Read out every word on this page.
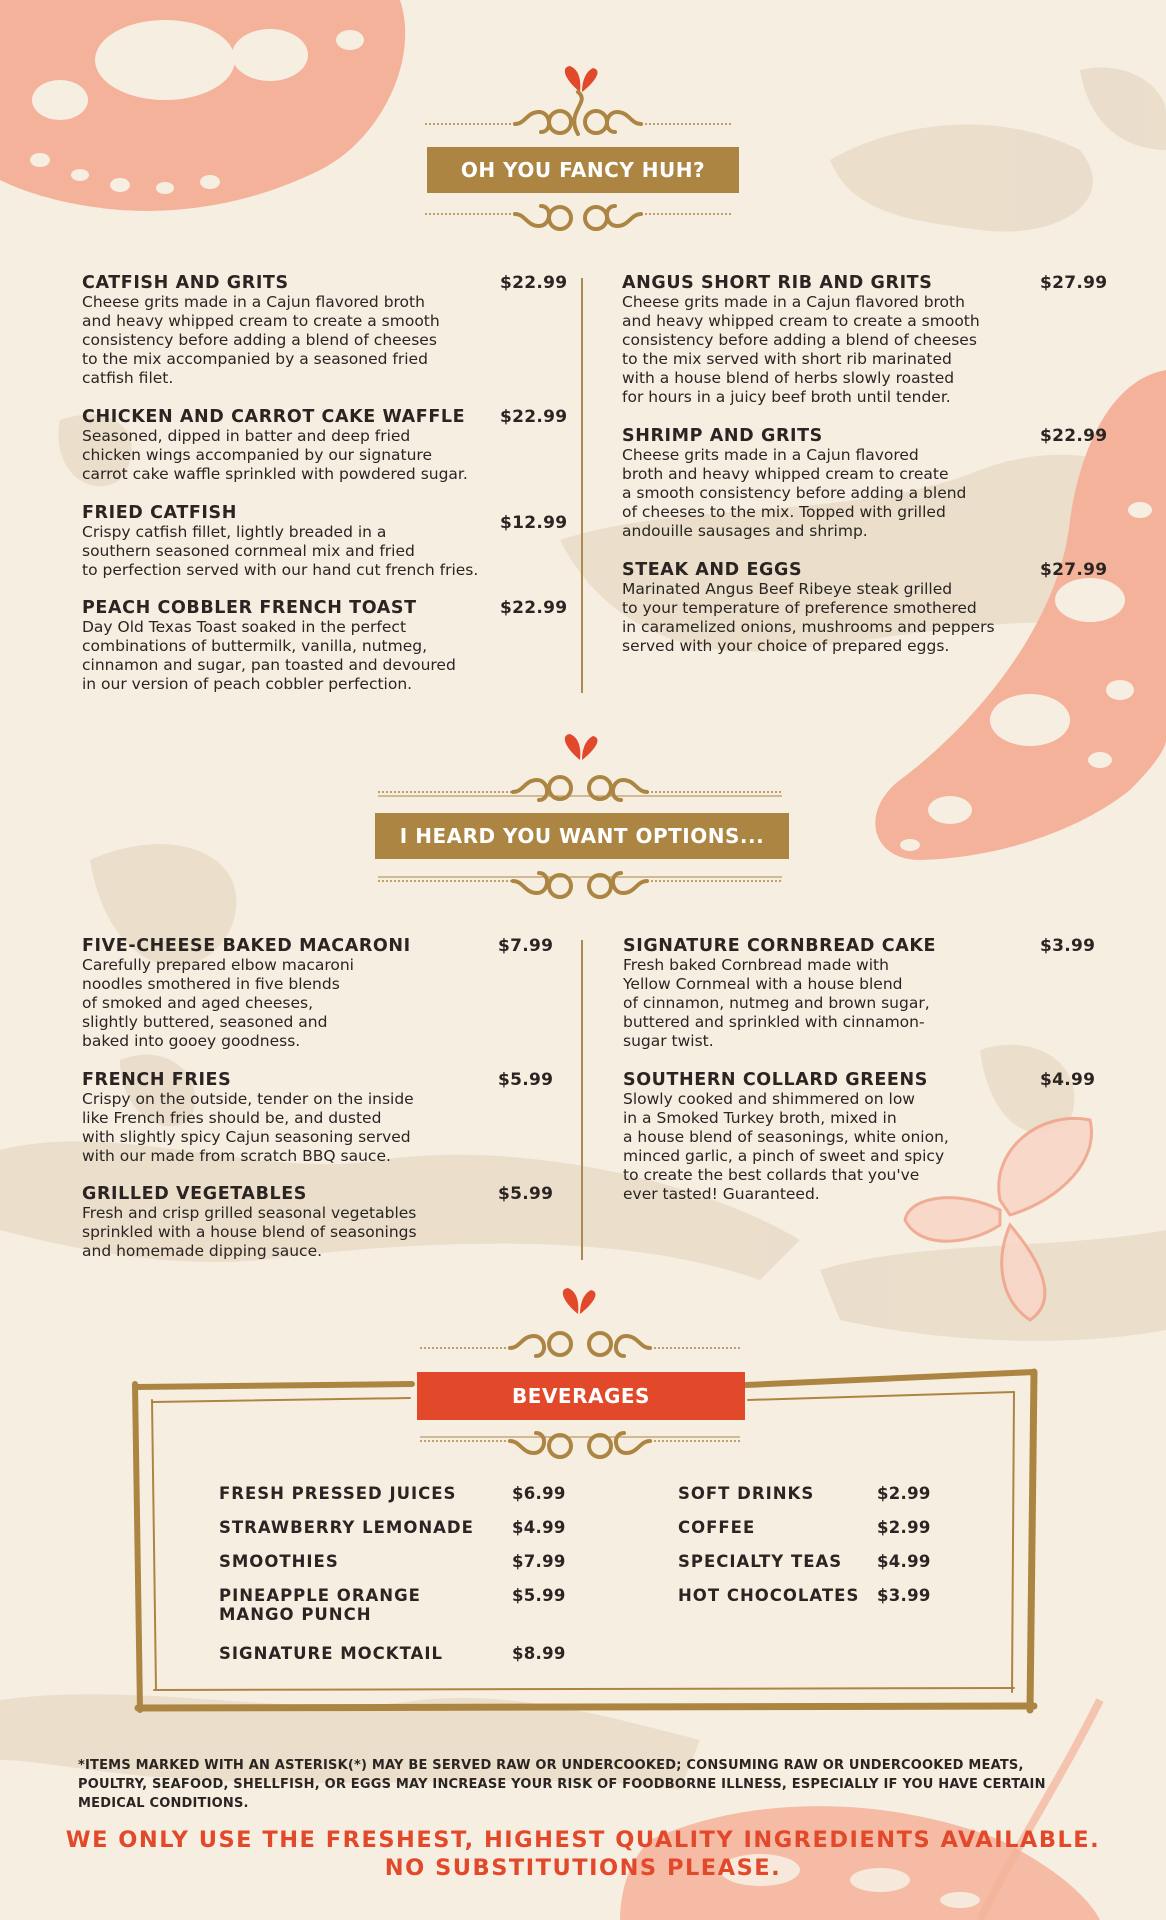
OH YOU FANCY HUH?
CATFISH AND GRITS
Cheese grits made in a Cajun flavored broth
and heavy whipped cream to create a smooth
consistency before adding a blend of cheeses
to the mix accompanied by a seasoned fried
catfish filet.
$22.99
CHICKEN AND CARROT CAKE WAFFLE
Seasoned, dipped in batter and deep fried
chicken wings accompanied by our signature
carrot cake waffle sprinkled with powdered sugar.
$22.99
FRIED CATFISH
Crispy catfish fillet, lightly breaded in a
southern seasoned cornmeal mix and fried
to perfection served with our hand cut french fries.
$12.99
PEACH COBBLER FRENCH TOAST
Day Old Texas Toast soaked in the perfect
combinations of buttermilk, vanilla, nutmeg,
cinnamon and sugar, pan toasted and devoured
in our version of peach cobbler perfection.
$22.99
ANGUS SHORT RIB AND GRITS
Cheese grits made in a Cajun flavored broth
and heavy whipped cream to create a smooth
consistency before adding a blend of cheeses
to the mix served with short rib marinated
with a house blend of herbs slowly roasted
for hours in a juicy beef broth until tender.
$27.99
SHRIMP AND GRITS
Cheese grits made in a Cajun flavored
broth and heavy whipped cream to create
a smooth consistency before adding a blend
of cheeses to the mix. Topped with grilled
andouille sausages and shrimp.
$22.99
STEAK AND EGGS
Marinated Angus Beef Ribeye steak grilled
to your temperature of preference smothered
in caramelized onions, mushrooms and peppers
served with your choice of prepared eggs.
$27.99
I HEARD YOU WANT OPTIONS...
FIVE-CHEESE BAKED MACARONI
Carefully prepared elbow macaroni
noodles smothered in five blends
of smoked and aged cheeses,
slightly buttered, seasoned and
baked into gooey goodness.
$7.99
FRENCH FRIES
Crispy on the outside, tender on the inside
like French fries should be, and dusted
with slightly spicy Cajun seasoning served
with our made from scratch BBQ sauce.
$5.99
GRILLED VEGETABLES
Fresh and crisp grilled seasonal vegetables
sprinkled with a house blend of seasonings
and homemade dipping sauce.
$5.99
SIGNATURE CORNBREAD CAKE
Fresh baked Cornbread made with
Yellow Cornmeal with a house blend
of cinnamon, nutmeg and brown sugar,
buttered and sprinkled with cinnamon-
sugar twist.
$3.99
SOUTHERN COLLARD GREENS
Slowly cooked and shimmered on low
in a Smoked Turkey broth, mixed in
a house blend of seasonings, white onion,
minced garlic, a pinch of sweet and spicy
to create the best collards that you've
ever tasted! Guaranteed.
$4.99
BEVERAGES
FRESH PRESSED JUICES	$6.99
STRAWBERRY LEMONADE $4.99
SMOOTHIES	$7.99
PINEAPPLE ORANGE
MANGO PUNCH
$5.99
SIGNATURE MOCKTAIL	$8.99
SOFT DRINKS	$2.99
COFFEE	$2.99
SPECIALTY TEAS $4.99
HOT CHOCOLATES $3.99
*ITEMS MARKED WITH AN ASTERISK(*) MAY BE SERVED RAW OR UNDERCOOKED; CONSUMING RAW OR UNDERCOOKED MEATS, POULTRY, SEAFOOD, SHELLFISH, OR EGGS MAY INCREASE YOUR RISK OF FOODBORNE ILLNESS, ESPECIALLY IF YOU HAVE CERTAIN MEDICAL CONDITIONS.
WE ONLY USE THE FRESHEST, HIGHEST QUALITY INGREDIENTS AVAILABLE.
NO SUBSTITUTIONS PLEASE.
